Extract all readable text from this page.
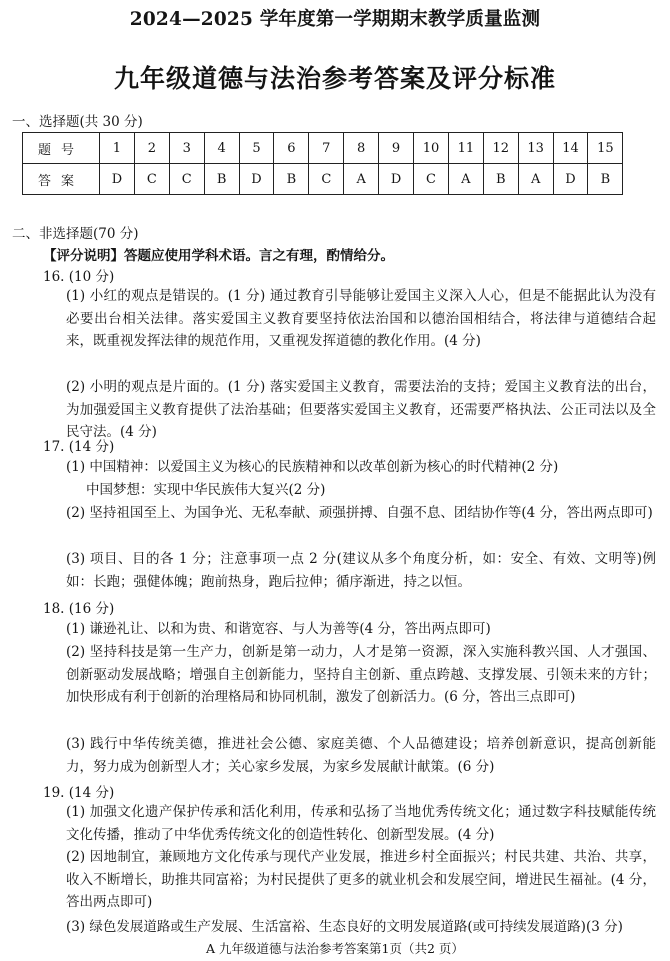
2024—2025 学年度第一学期期末教学质量监测
九年级道德与法治参考答案及评分标准
一、选择题(共 30 分)
题号	1	2	3	4	5	6	7	8	9	10	11	12	13	14	15
答案	D	C	C	B	D	B	C	A	D	C	A	B	A	D	B
二、非选择题(70 分)
【评分说明】答题应使用学科术语。言之有理，酌情给分。
16. (10 分)
(1) 小红的观点是错误的。(1 分) 通过教育引导能够让爱国主义深入人心，但是不能据此认为没有必要出台相关法律。落实爱国主义教育要坚持依法治国和以德治国相结合，将法律与道德结合起来，既重视发挥法律的规范作用，又重视发挥道德的教化作用。(4 分)
(2) 小明的观点是片面的。(1 分) 落实爱国主义教育，需要法治的支持；爱国主义教育法的出台，为加强爱国主义教育提供了法治基础；但要落实爱国主义教育，还需要严格执法、公正司法以及全民守法。(4 分)
17. (14 分)
(1) 中国精神：以爱国主义为核心的民族精神和以改革创新为核心的时代精神(2 分)
中国梦想：实现中华民族伟大复兴(2 分)
(2) 坚持祖国至上、为国争光、无私奉献、顽强拼搏、自强不息、团结协作等(4 分，答出两点即可)
(3) 项目、目的各 1 分；注意事项一点 2 分(建议从多个角度分析，如：安全、有效、文明等)例如：长跑；强健体魄；跑前热身，跑后拉伸；循序渐进，持之以恒。
18. (16 分)
(1) 谦逊礼让、以和为贵、和谐宽容、与人为善等(4 分，答出两点即可)
(2) 坚持科技是第一生产力，创新是第一动力，人才是第一资源，深入实施科教兴国、人才强国、创新驱动发展战略；增强自主创新能力，坚持自主创新、重点跨越、支撑发展、引领未来的方针；加快形成有利于创新的治理格局和协同机制，激发了创新活力。(6 分，答出三点即可)
(3) 践行中华传统美德，推进社会公德、家庭美德、个人品德建设；培养创新意识，提高创新能力，努力成为创新型人才；关心家乡发展，为家乡发展献计献策。(6 分)
19. (14 分)
(1) 加强文化遗产保护传承和活化利用，传承和弘扬了当地优秀传统文化；通过数字科技赋能传统文化传播，推动了中华优秀传统文化的创造性转化、创新型发展。(4 分)
(2) 因地制宜，兼顾地方文化传承与现代产业发展，推进乡村全面振兴；村民共建、共治、共享，收入不断增长，助推共同富裕；为村民提供了更多的就业机会和发展空间，增进民生福祉。(4 分，答出两点即可)
(3) 绿色发展道路或生产发展、生活富裕、生态良好的文明发展道路(或可持续发展道路)(3 分)
A 九年级道德与法治参考答案第1页（共2 页）
